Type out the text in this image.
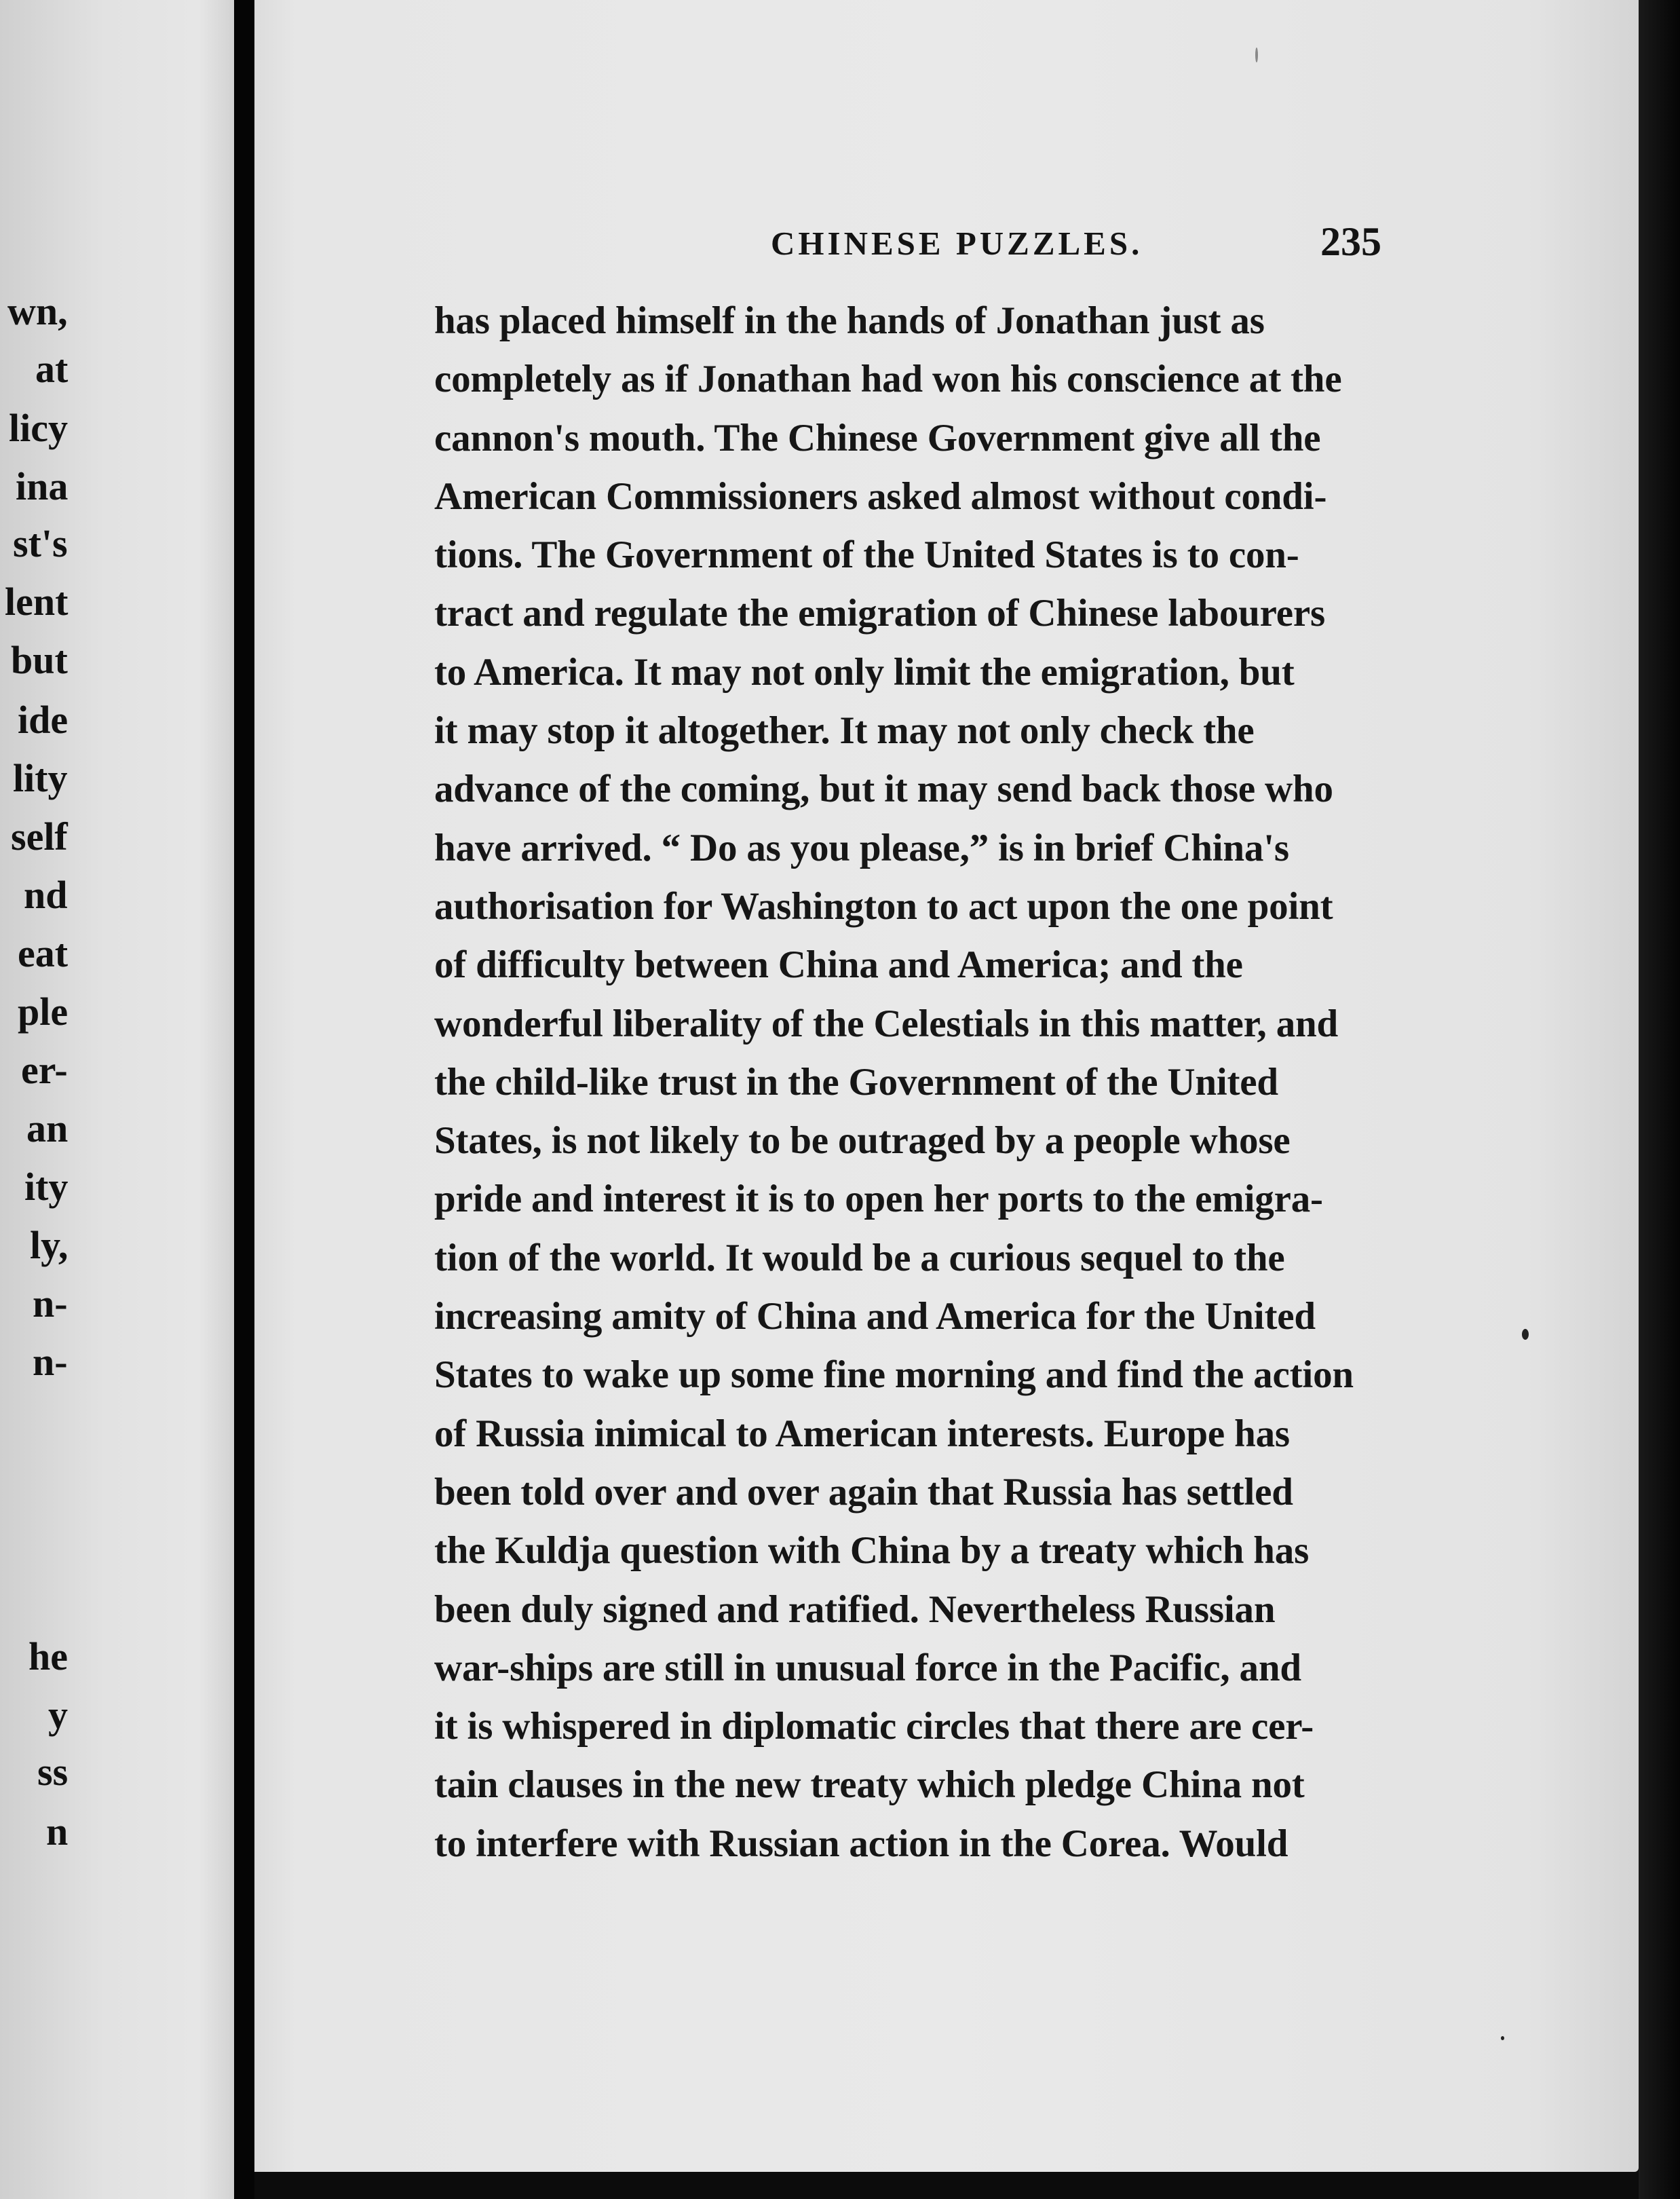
wn,
at
licy
ina
st's
lent
but
ide
lity
self
nd
eat
ple
er-
an
ity
ly,
n-
n-
he
y
ss
n
CHINESE PUZZLES.	235
has placed himself in the hands of Jonathan just as
completely as if Jonathan had won his conscience at the
cannon's mouth. The Chinese Government give all the
American Commissioners asked almost without condi-
tions. The Government of the United States is to con-
tract and regulate the emigration of Chinese labourers
to America. It may not only limit the emigration, but
it may stop it altogether. It may not only check the
advance of the coming, but it may send back those who
have arrived. “ Do as you please,” is in brief China's
authorisation for Washington to act upon the one point
of difficulty between China and America; and the
wonderful liberality of the Celestials in this matter, and
the child-like trust in the Government of the United
States, is not likely to be outraged by a people whose
pride and interest it is to open her ports to the emigra-
tion of the world. It would be a curious sequel to the
increasing amity of China and America for the United
States to wake up some fine morning and find the action
of Russia inimical to American interests. Europe has
been told over and over again that Russia has settled
the Kuldja question with China by a treaty which has
been duly signed and ratified. Nevertheless Russian
war-ships are still in unusual force in the Pacific, and
it is whispered in diplomatic circles that there are cer-
tain clauses in the new treaty which pledge China not
to interfere with Russian action in the Corea. Would
